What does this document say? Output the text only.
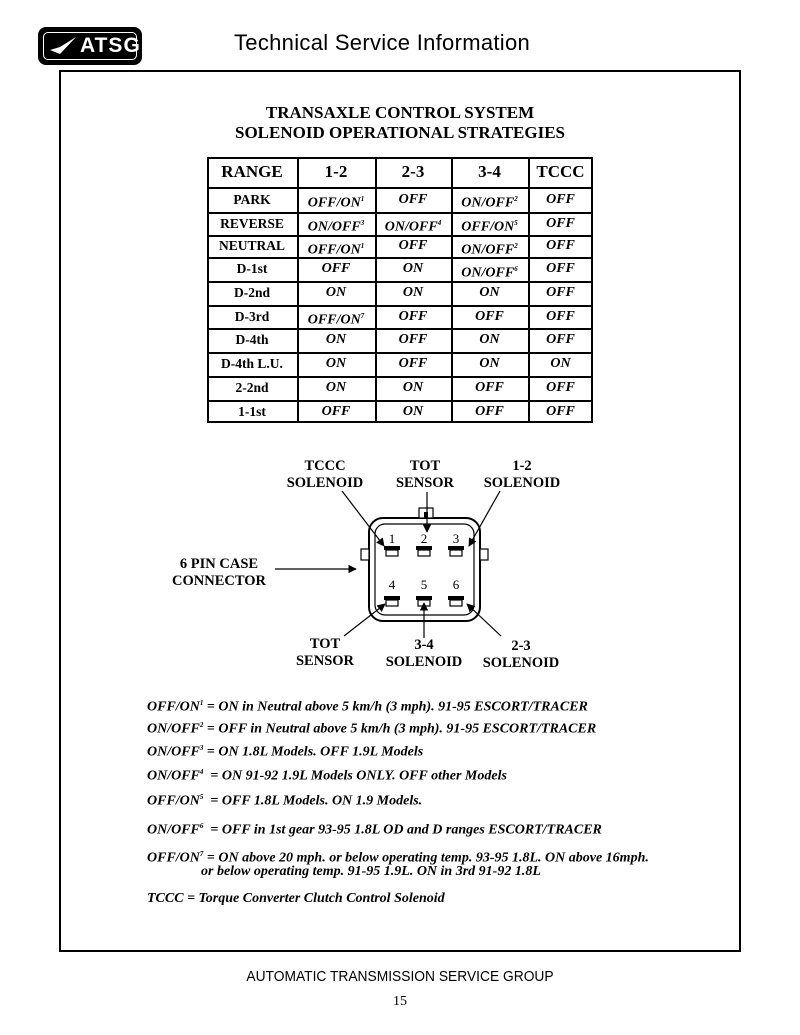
ATSG	Technical Service Information
TRANSAXLE CONTROL SYSTEM
SOLENOID OPERATIONAL STRATEGIES
RANGE	1-2	2-3	3-4	TCCC
PARK	OFF/$ON^1$	OFF	ON/OFF$^2$	OFF
REVERSE	ON/OFF$^3$	ON/OFF$^4$	OFF/$ON^5$	OFF
NEUTRAL	OFF/$ON^1$	OFF	ON/OFF$^2$	OFF
D-1st	OFF	ON	ON/OFF$^6$	OFF
D-2nd	ON	ON	ON	OFF
D-3rd	OFF/$ON^7$	OFF	OFF	OFF
D-4th	ON	OFF	ON	OFF
D-4th L.U.	ON	OFF	ON	ON
2-2nd	ON	ON	OFF	OFF
1-1st	OFF	ON	OFF	OFF
1 2 3
4 5 6
TCCC
SOLENOID
TOT
SENSOR
1-2
SOLENOID
6 PIN CASE
CONNECTOR
TOT
SENSOR
3-4
SOLENOID
2-3
SOLENOID
OFF/$ON^1$ = ON in Neutral above 5 km/h (3 mph). 91-95 ESCORT/TRACER
$ON/OFF^2$ = OFF in Neutral above 5 km/h (3 mph). 91-95 ESCORT/TRACER
$ON/OFF^3$ = ON 1.8L Models. OFF 1.9L Models
ON/OFF$^4$  = ON 91-92 1.9L Models ONLY. OFF other Models
OFF/$ON^5$  = OFF 1.8L Models. ON 1.9 Models.
ON/OFF$^6$  = OFF in 1st gear 93-95 1.8L OD and D ranges ESCORT/TRACER
OFF/$ON^7$ = ON above 20 mph. or below operating temp. 93-95 1.8L. ON above 16mph.
or below operating temp. 91-95 1.9L. ON in 3rd 91-92 1.8L
TCCC = Torque Converter Clutch Control Solenoid
AUTOMATIC TRANSMISSION SERVICE GROUP
15
